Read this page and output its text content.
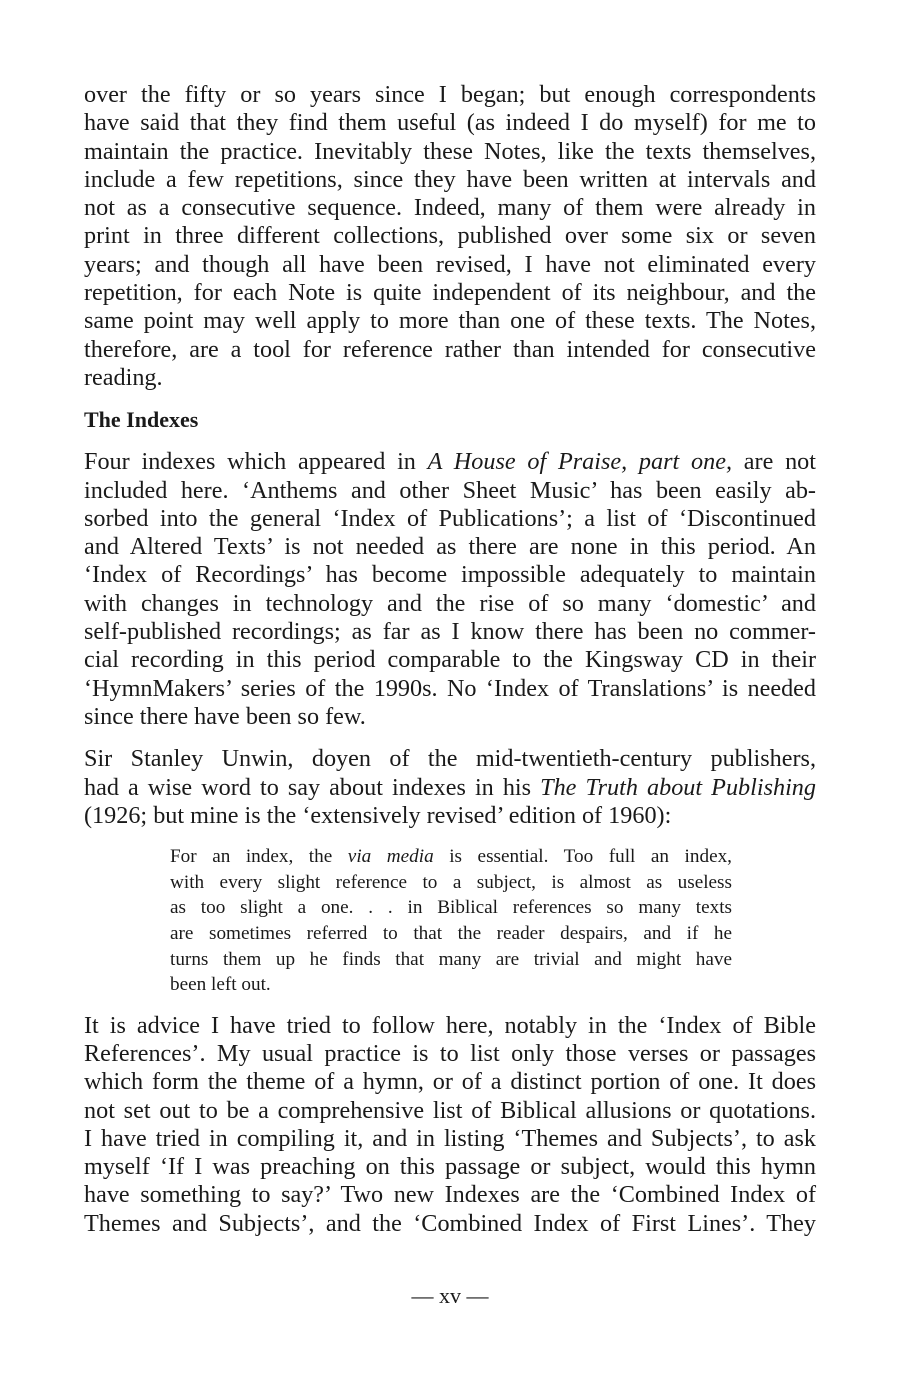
over the fifty or so years since I began; but enough correspondents
have said that they find them useful (as indeed I do myself) for me to
maintain the practice. Inevitably these Notes, like the texts themselves,
include a few repetitions, since they have been written at intervals and
not as a consecutive sequence. Indeed, many of them were already in
print in three different collections, published over some six or seven
years; and though all have been revised, I have not eliminated every
repetition, for each Note is quite independent of its neighbour, and the
same point may well apply to more than one of these texts. The Notes,
therefore, are a tool for reference rather than intended for consecutive
reading.
The Indexes
Four indexes which appeared in A House of Praise, part one, are not
included here. ‘Anthems and other Sheet Music’ has been easily ab-
sorbed into the general ‘Index of Publications’; a list of ‘Discontinued
and Altered Texts’ is not needed as there are none in this period. An
‘Index of Recordings’ has become impossible adequately to maintain
with changes in technology and the rise of so many ‘domestic’ and
self-published recordings; as far as I know there has been no commer-
cial recording in this period comparable to the Kingsway CD in their
‘HymnMakers’ series of the 1990s. No ‘Index of Translations’ is needed
since there have been so few.
Sir Stanley Unwin, doyen of the mid-twentieth-century publishers,
had a wise word to say about indexes in his The Truth about Publishing
(1926; but mine is the ‘extensively revised’ edition of 1960):
For an index, the via media is essential. Too full an index,
with every slight reference to a subject, is almost as useless
as too slight a one. . . in Biblical references so many texts
are sometimes referred to that the reader despairs, and if he
turns them up he finds that many are trivial and might have
been left out.
It is advice I have tried to follow here, notably in the ‘Index of Bible
References’. My usual practice is to list only those verses or passages
which form the theme of a hymn, or of a distinct portion of one. It does
not set out to be a comprehensive list of Biblical allusions or quotations.
I have tried in compiling it, and in listing ‘Themes and Subjects’, to ask
myself ‘If I was preaching on this passage or subject, would this hymn
have something to say?’ Two new Indexes are the ‘Combined Index of
Themes and Subjects’, and the ‘Combined Index of First Lines’. They
— xv —
